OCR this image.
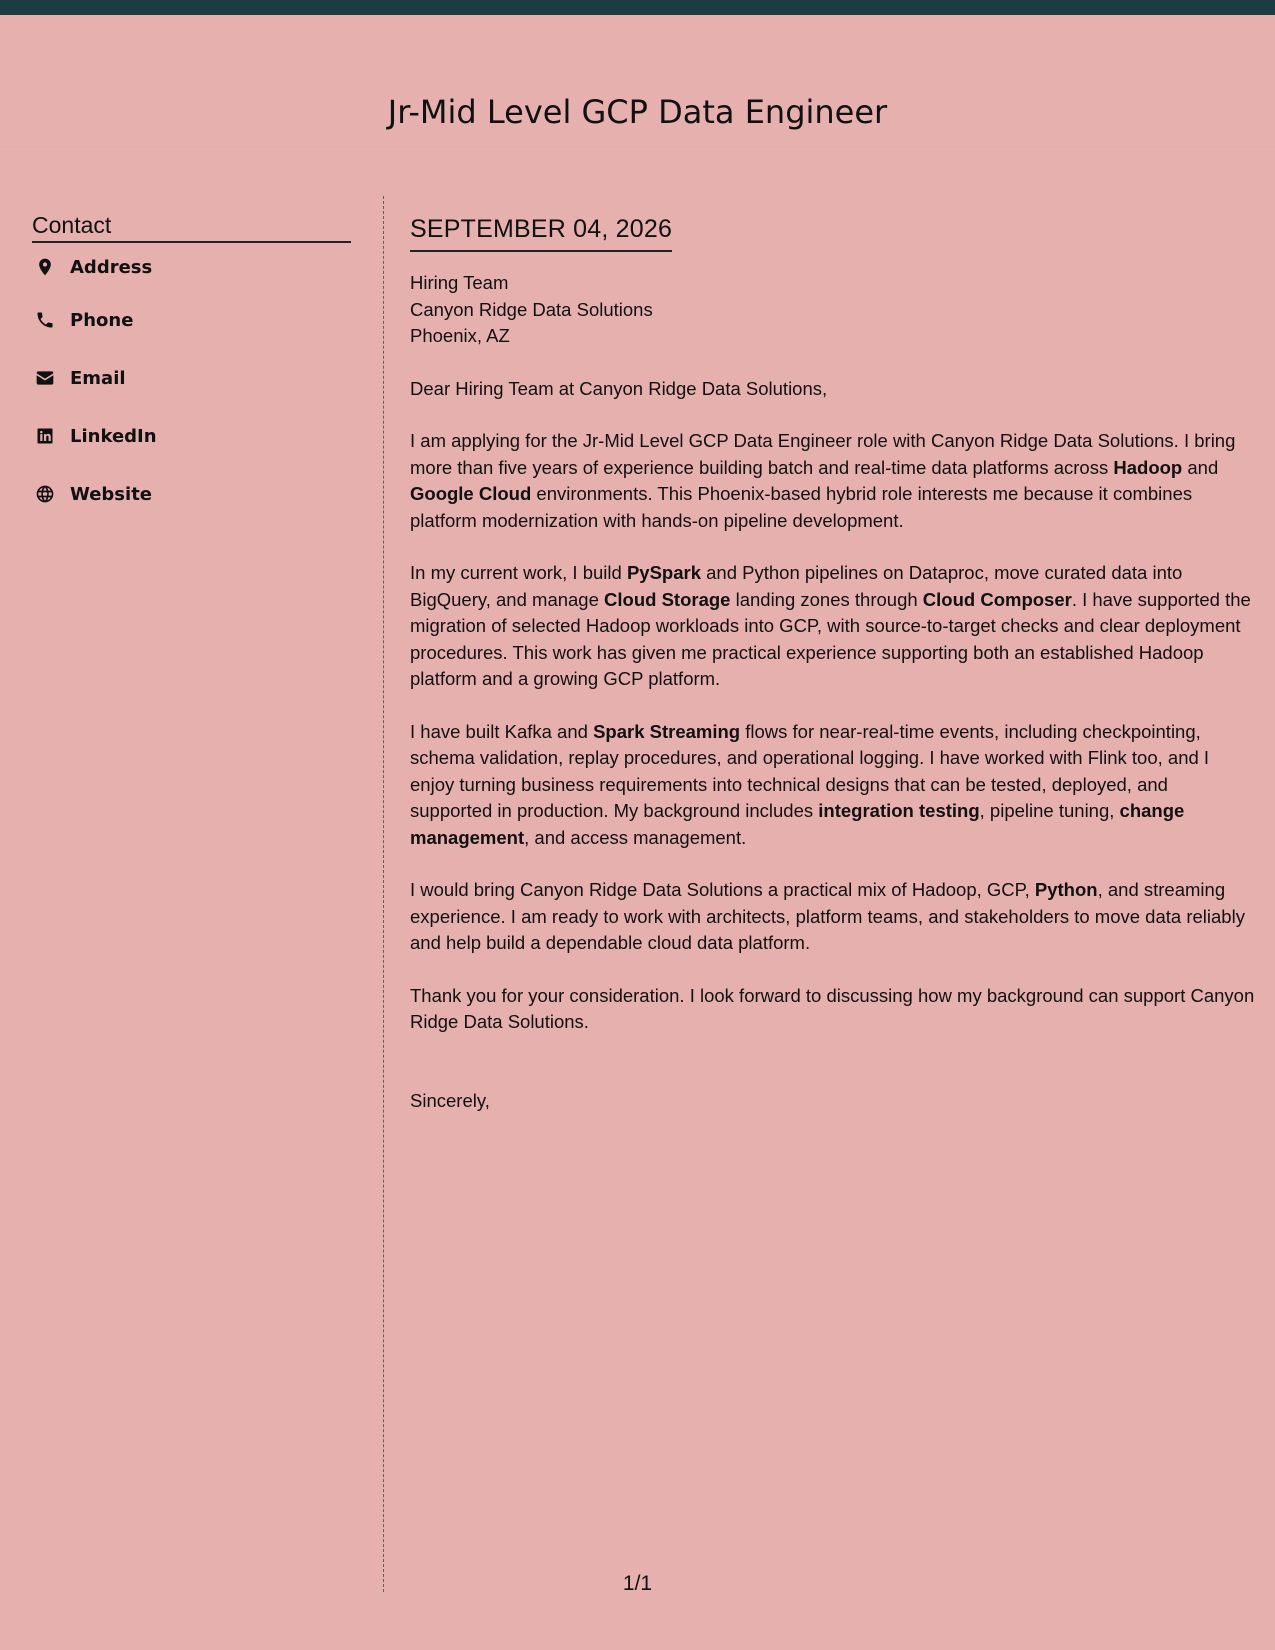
Jr-Mid Level GCP Data Engineer
Contact
Address
Phone
Email
LinkedIn
Website
SEPTEMBER 04, 2026

Hiring Team

Canyon Ridge Data Solutions

Phoenix, AZ

Dear Hiring Team at Canyon Ridge Data Solutions,

I am applying for the Jr-Mid Level GCP Data Engineer role with Canyon Ridge Data Solutions. I bring more than five years of experience building batch and real-time data platforms across Hadoop and Google Cloud environments. This Phoenix-based hybrid role interests me because it combines platform modernization with hands-on pipeline development.

In my current work, I build PySpark and Python pipelines on Dataproc, move curated data into BigQuery, and manage Cloud Storage landing zones through Cloud Composer. I have supported the migration of selected Hadoop workloads into GCP, with source-to-target checks and clear deployment procedures. This work has given me practical experience supporting both an established Hadoop platform and a growing GCP platform.

I have built Kafka and Spark Streaming flows for near-real-time events, including checkpointing, schema validation, replay procedures, and operational logging. I have worked with Flink too, and I enjoy turning business requirements into technical designs that can be tested, deployed, and supported in production. My background includes integration testing, pipeline tuning, change management, and access management.

I would bring Canyon Ridge Data Solutions a practical mix of Hadoop, GCP, Python, and streaming experience. I am ready to work with architects, platform teams, and stakeholders to move data reliably and help build a dependable cloud data platform.

Thank you for your consideration. I look forward to discussing how my background can support Canyon Ridge Data Solutions.

Sincerely,

1/1
